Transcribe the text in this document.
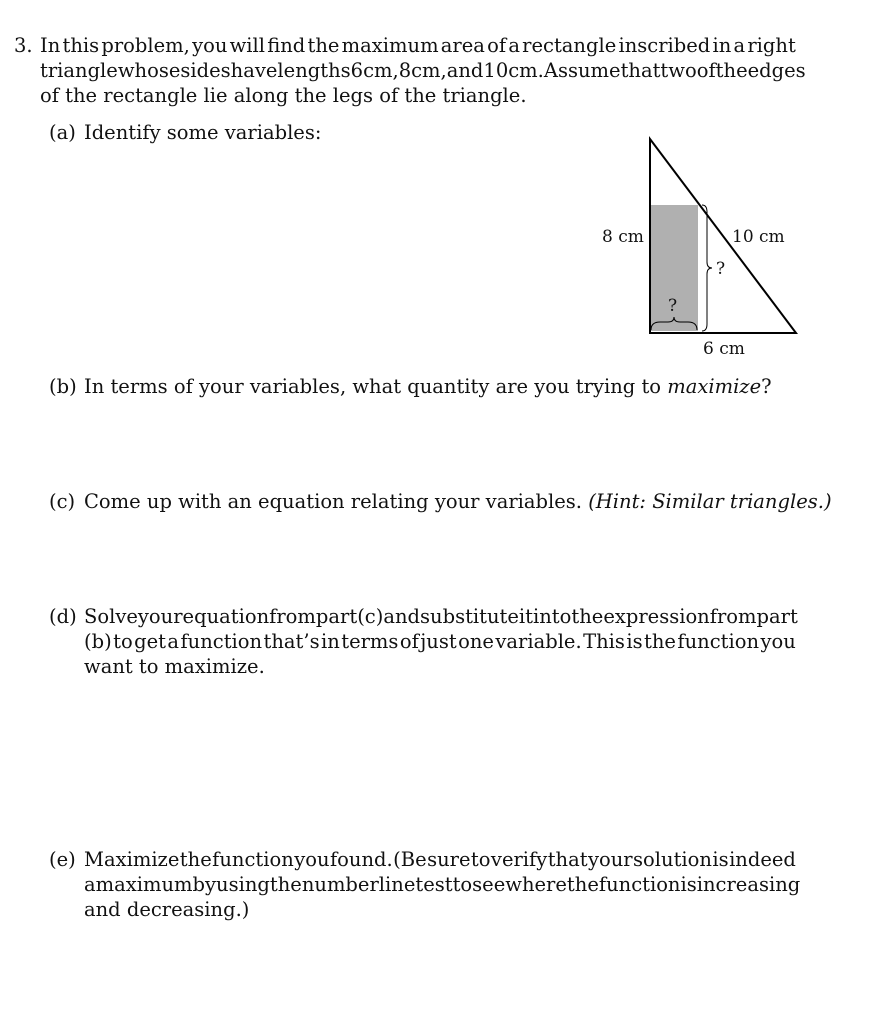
3. In this problem, you will find the maximum area of a rectangle inscribed in a right
triangle whose sides have lengths 6 cm, 8 cm, and 10 cm. Assume that two of the edges
of the rectangle lie along the legs of the triangle.
(a) Identify some variables:
8 cm	10 cm
6 cm
?
?
(b) In terms of your variables, what quantity are you trying to maximize?
(c) Come up with an equation relating your variables. (Hint: Similar triangles.)
(d) Solve your equation from part (c) and substitute it into the expression from part
(b) to get a function that’s in terms of just one variable. This is the function you
want to maximize.
(e) Maximize the function you found. (Be sure to verify that your solution is indeed
a maximum by using the number line test to see where the function is increasing
and decreasing.)
